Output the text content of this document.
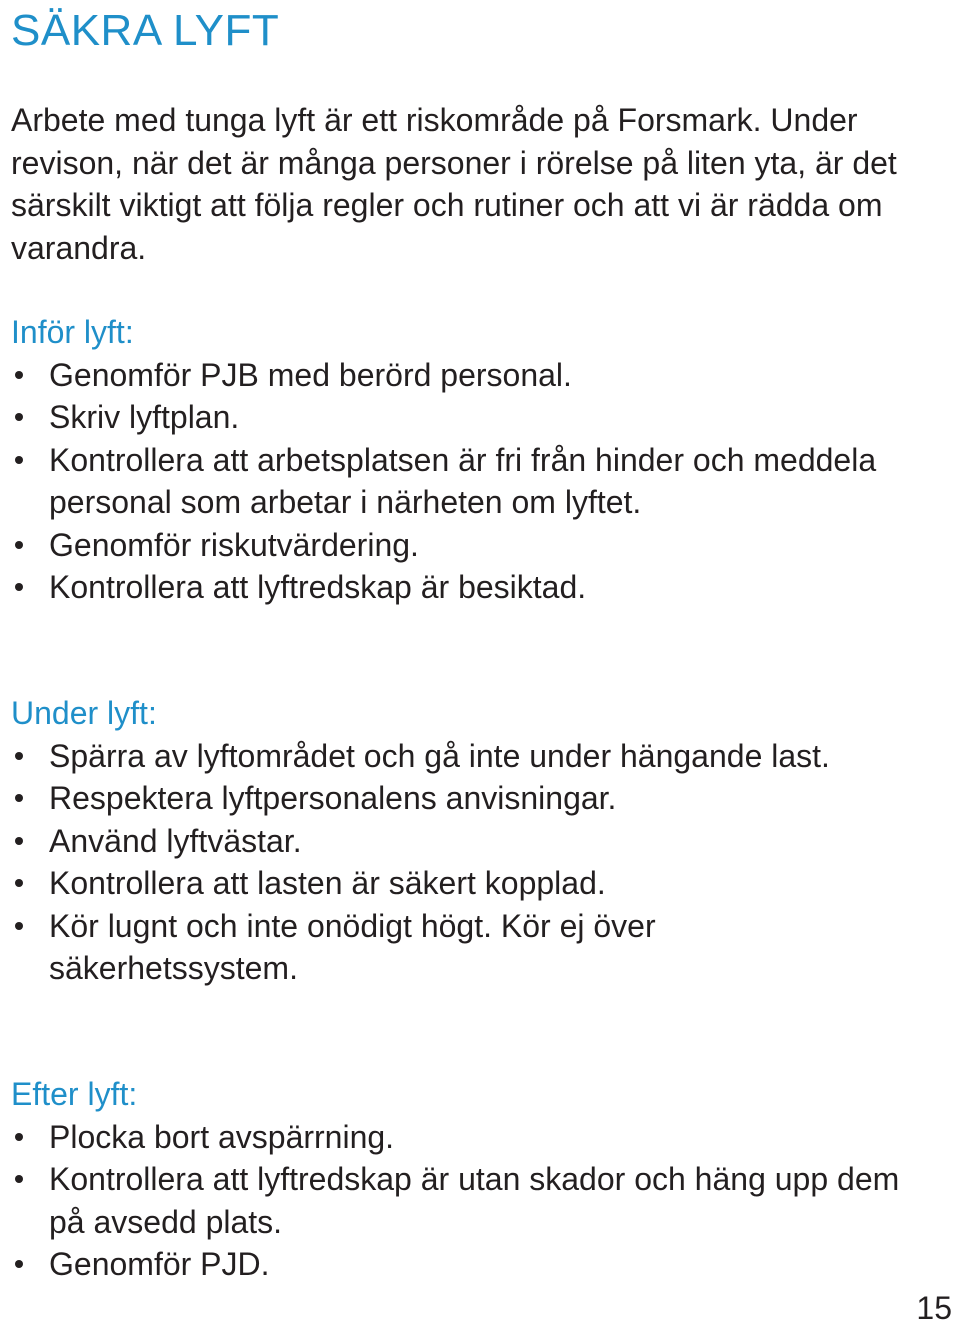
SÄKRA LYFT

Arbete med tunga lyft är ett riskområde på Forsmark. Under revison, när det är många personer i rörelse på liten yta, är det särskilt viktigt att följa regler och rutiner och att vi är rädda om varandra.

Inför lyft:
Genomför PJB med berörd personal.
Skriv lyftplan.
Kontrollera att arbetsplatsen är fri från hinder och meddela personal som arbetar i närheten om lyftet.
Genomför riskutvärdering.
Kontrollera att lyftredskap är besiktad.
Under lyft:
Spärra av lyftområdet och gå inte under hängande last.
Respektera lyftpersonalens anvisningar.
Använd lyftvästar.
Kontrollera att lasten är säkert kopplad.
Kör lugnt och inte onödigt högt. Kör ej över säkerhetssystem.
Efter lyft:
Plocka bort avspärrning.
Kontrollera att lyftredskap är utan skador och häng upp dem på avsedd plats.
Genomför PJD.
15
